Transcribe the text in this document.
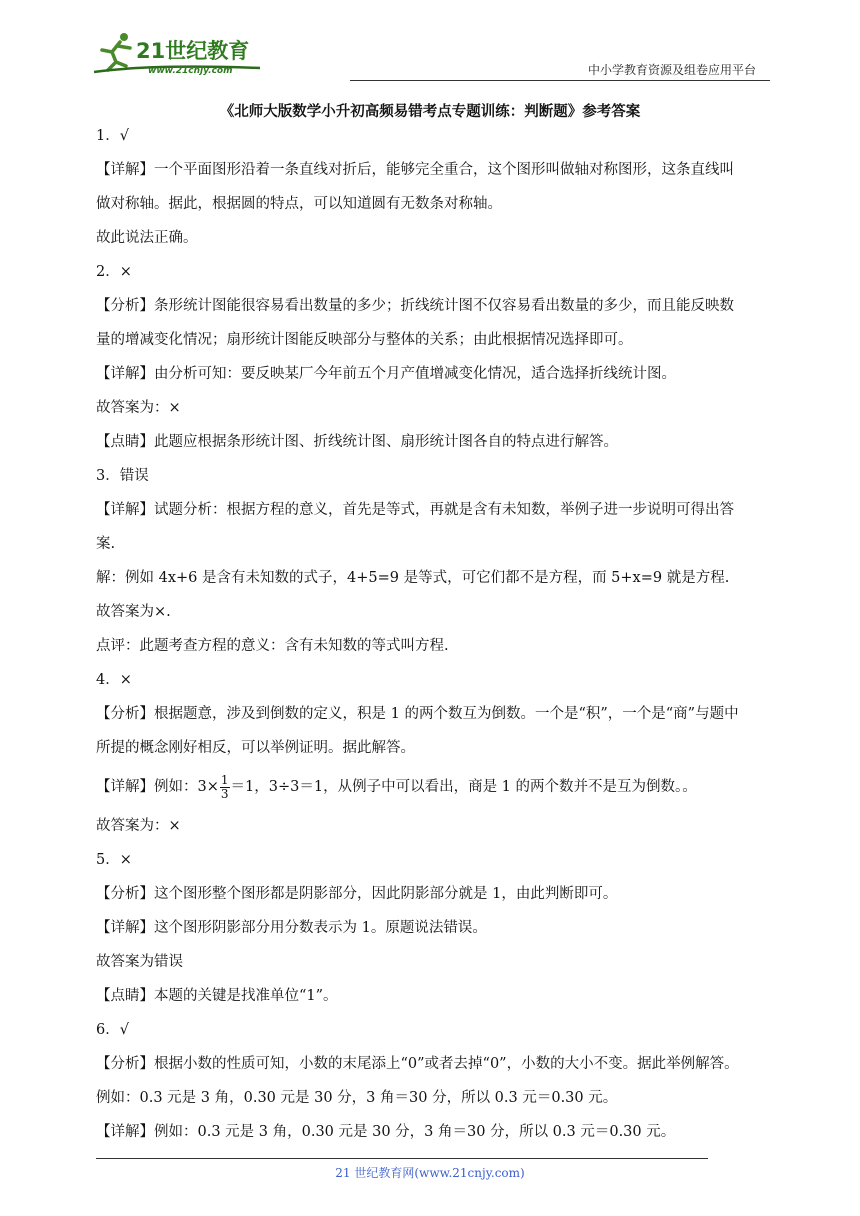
21世纪教育
www.21cnjy.com	中小学教育资源及组卷应用平台
《北师大版数学小升初高频易错考点专题训练：判断题》参考答案

1．√

【详解】一个平面图形沿着一条直线对折后，能够完全重合，这个图形叫做轴对称图形，这条直线叫

做对称轴。据此，根据圆的特点，可以知道圆有无数条对称轴。

故此说法正确。

2．×

【分析】条形统计图能很容易看出数量的多少；折线统计图不仅容易看出数量的多少，而且能反映数

量的增减变化情况；扇形统计图能反映部分与整体的关系；由此根据情况选择即可。

【详解】由分析可知：要反映某厂今年前五个月产值增减变化情况，适合选择折线统计图。

故答案为：×

【点睛】此题应根据条形统计图、折线统计图、扇形统计图各自的特点进行解答。

3．错误

【详解】试题分析：根据方程的意义，首先是等式，再就是含有未知数，举例子进一步说明可得出答

案.

解：例如 4x+6 是含有未知数的式子，4+5=9 是等式，可它们都不是方程，而 5+x=9 就是方程.

故答案为×.

点评：此题考查方程的意义：含有未知数的等式叫方程.

4．×

【分析】根据题意，涉及到倒数的定义，积是 1 的两个数互为倒数。一个是“积”，一个是“商”与题中

所提的概念刚好相反，可以举例证明。据此解答。

【详解】例如：$3\times \frac{1}{3} =1$，3÷3＝1，从例子中可以看出，商是 1 的两个数并不是互为倒数。。

故答案为：×

5．×

【分析】这个图形整个图形都是阴影部分，因此阴影部分就是 1，由此判断即可。

【详解】这个图形阴影部分用分数表示为 1。原题说法错误。

故答案为错误

【点睛】本题的关键是找准单位“1”。

6．√

【分析】根据小数的性质可知，小数的末尾添上“0”或者去掉“0”，小数的大小不变。据此举例解答。

例如：0.3 元是 3 角，0.30 元是 30 分，3 角＝30 分，所以 0.3 元＝0.30 元。

【详解】例如：0.3 元是 3 角，0.30 元是 30 分，3 角＝30 分，所以 0.3 元＝0.30 元。

21 世纪教育网(www.21cnjy.com)
